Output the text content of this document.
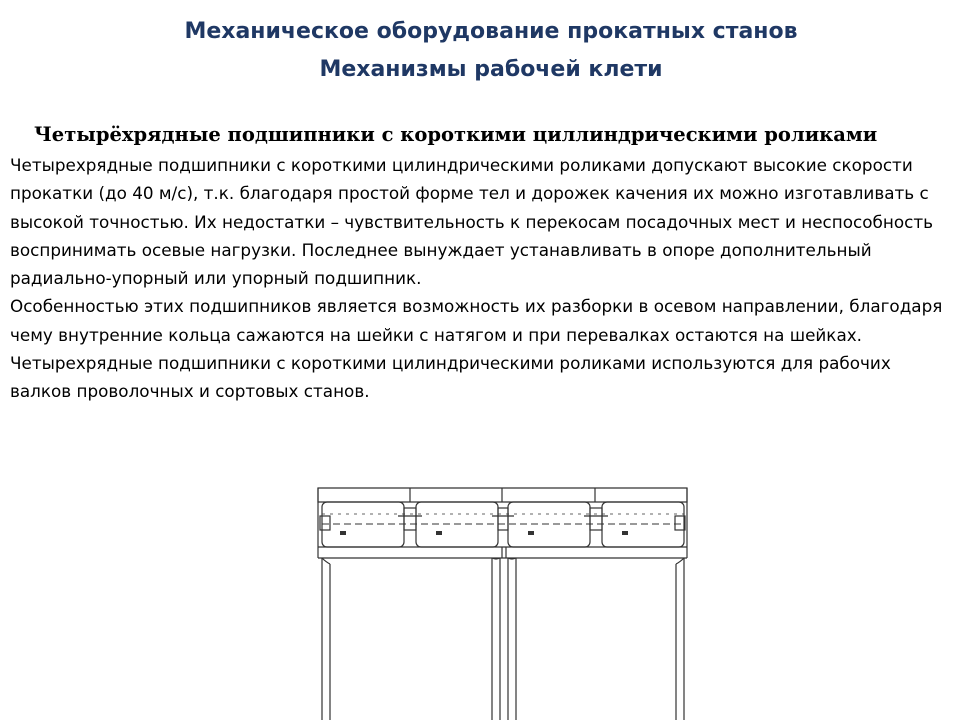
Механическое оборудование прокатных станов
Механизмы рабочей клети
Четырёхрядные подшипники с короткими циллиндрическими роликами

Четырехрядные подшипники с короткими цилиндрическими роликами допускают высокие скорости прокатки (до 40 м/с), т.к. благодаря простой форме тел и дорожек качения их можно изготавливать с высокой точностью. Их недостатки – чувствительность к перекосам посадочных мест и неспособность воспринимать осевые нагрузки. Последнее вынуждает устанавливать в опоре дополнительный радиально-упорный или упорный подшипник.

Особенностью этих подшипников является возможность их разборки в осевом направлении, благодаря чему внутренние кольца сажаются на шейки с натягом и при перевалках остаются на шейках.

Четырехрядные подшипники с короткими цилиндрическими роликами используются для рабочих валков проволочных и сортовых станов.
